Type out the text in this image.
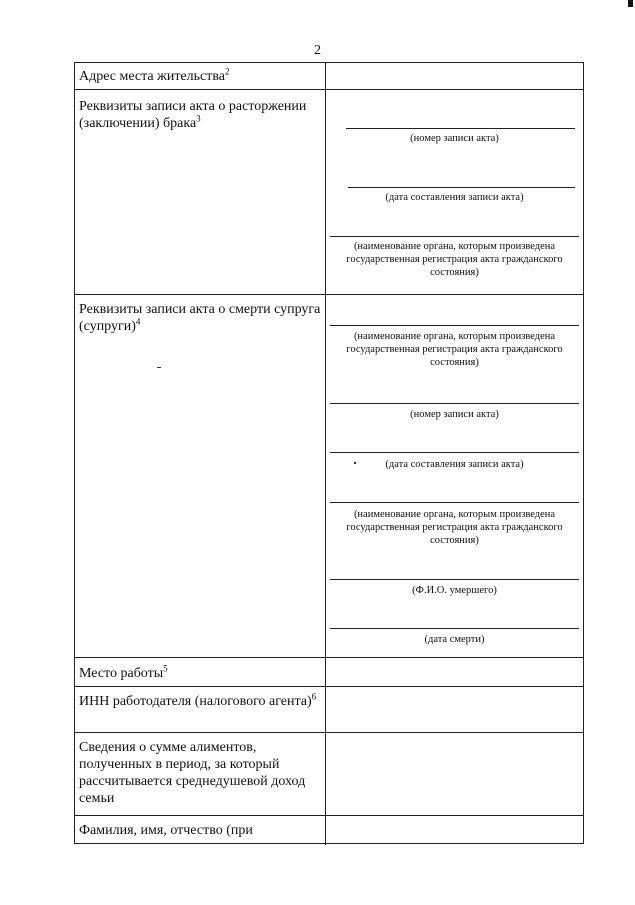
2
Адрес места жительства$^2$
Реквизиты записи акта о расторжении (заключении) брака$^3$
(номер записи акта)
(дата составления записи акта)
(наименование органа, которым произведена государственная регистрация акта гражданского состояния)
Реквизиты записи акта о смерти супруга (супруги)$^4$
(наименование органа, которым произведена государственная регистрация акта гражданского состояния)
(номер записи акта)
(дата составления записи акта)
(наименование органа, которым произведена государственная регистрация акта гражданского состояния)
(Ф.И.О. умершего)
(дата смерти)
Место работы$^5$
ИНН работодателя (налогового агента)$^6$
Сведения о сумме алиментов, полученных в период, за который рассчитывается среднедушевой доход семьи
Фамилия, имя, отчество (при
